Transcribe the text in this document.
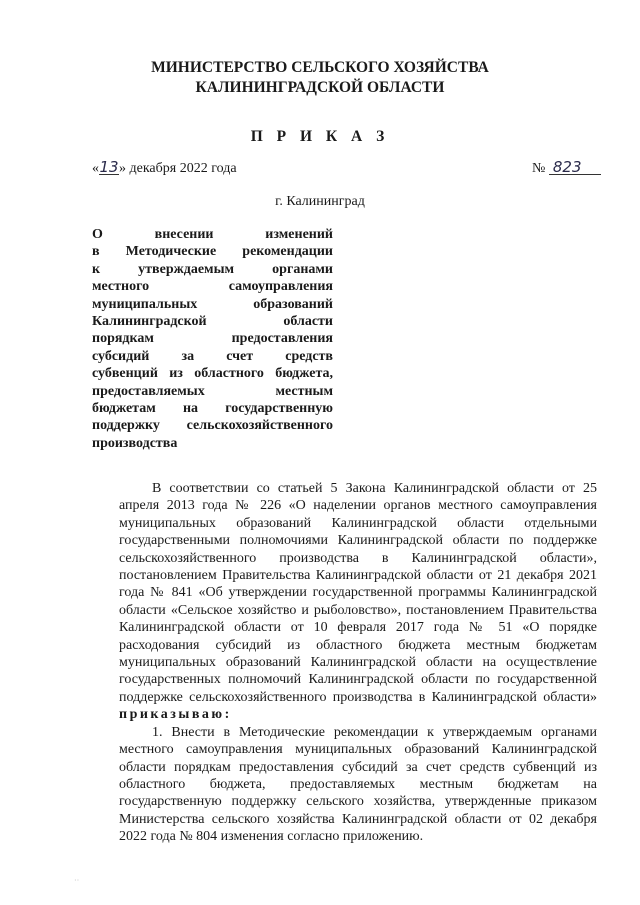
МИНИСТЕРСТВО СЕЛЬСКОГО ХОЗЯЙСТВА
КАЛИНИНГРАДСКОЙ ОБЛАСТИ
П Р И К А З
«13» декабря 2022 года	№ 823
г. Калининград
О внесении изменений
в Методические рекомендации
к утверждаемым органами
местного самоуправления
муниципальных образований
Калининградской области
порядкам предоставления
субсидий за счет средств
субвенций из областного бюджета,
предоставляемых местным
бюджетам на государственную
поддержку сельскохозяйственного
производства

В соответствии со статьей 5 Закона Калининградской области от 25 апреля 2013 года № 226 «О наделении органов местного самоуправления муниципальных образований Калининградской области отдельными государственными полномочиями Калининградской области по поддержке сельскохозяйственного производства в Калининградской области», постановлением Правительства Калининградской области от 21 декабря 2021 года № 841 «Об утверждении государственной программы Калининградской области «Сельское хозяйство и рыболовство», постановлением Правительства Калининградской области от 10 февраля 2017 года № 51 «О порядке расходования субсидий из областного бюджета местным бюджетам муниципальных образований Калининградской области на осуществление государственных полномочий Калининградской области по государственной поддержке сельскохозяйственного производства в Калининградской области» приказываю:

1. Внести в Методические рекомендации к утверждаемым органами местного самоуправления муниципальных образований Калининградской области порядкам предоставления субсидий за счет средств субвенций из областного бюджета, предоставляемых местным бюджетам на государственную поддержку сельского хозяйства, утвержденные приказом Министерства сельского хозяйства Калининградской области от 02 декабря 2022 года № 804 изменения согласно приложению.

··
